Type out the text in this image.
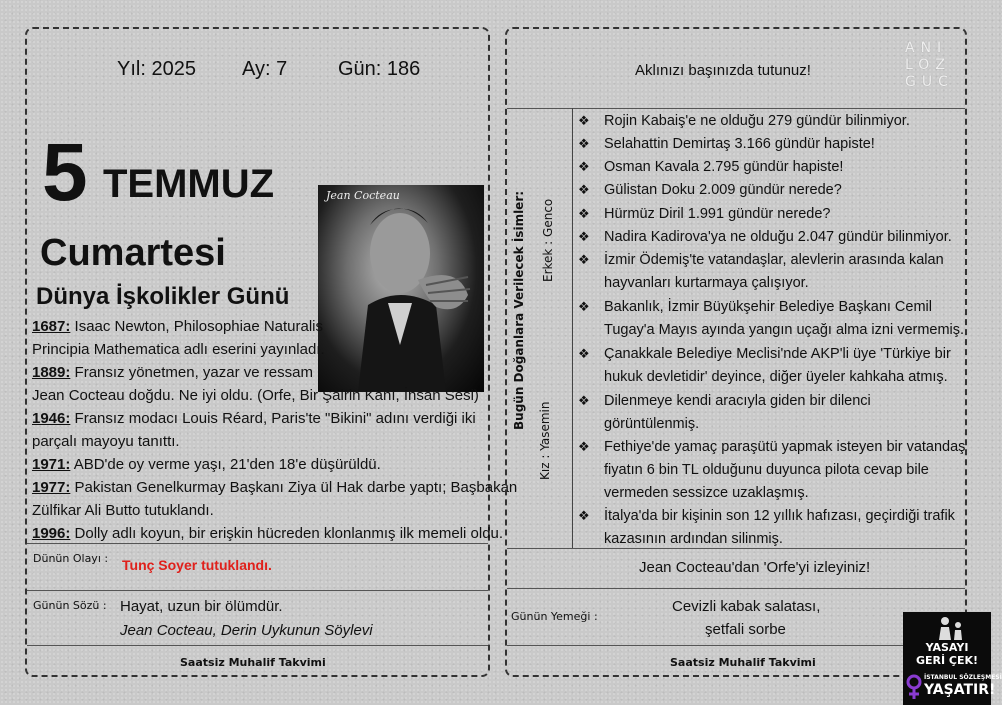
Yıl: 2025 Ay: 7	Gün: 186
5 TEMMUZ
Cumartesi
Dünya İşkolikler Günü
Jean Cocteau
1687: Isaac Newton, Philosophiae Naturalis
Principia Mathematica adlı eserini yayınladı.
1889: Fransız yönetmen, yazar ve ressam
Jean Cocteau doğdu. Ne iyi oldu. (Orfe, Bir Şairin Kanı, İnsan Sesi)
1946: Fransız modacı Louis Réard, Paris'te "Bikini" adını verdiği iki
parçalı mayoyu tanıttı.
1971: ABD'de oy verme yaşı, 21'den 18'e düşürüldü.
1977: Pakistan Genelkurmay Başkanı Ziya ül Hak darbe yaptı; Başbakan
Zülfikar Ali Butto tutuklandı.
1996: Dolly adlı koyun, bir erişkin hücreden klonlanmış ilk memeli oldu.
Dünün Olayı : Tunç Soyer tutuklandı.
Günün Sözü : Hayat, uzun bir ölümdür.
Jean Cocteau, Derin Uykunun Söylevi
Saatsiz Muhalif Takvimi
Aklınızı başınızda tutunuz!
Bugün Doğanlara Verilecek İsimler: Erkek : Genco
Kız : Yasemin
❖ Rojin Kabaiş'e ne olduğu 279 gündür bilinmiyor.
❖ Selahattin Demirtaş 3.166 gündür hapiste!
❖ Osman Kavala 2.795 gündür hapiste!
❖ Gülistan Doku 2.009 gündür nerede?
❖ Hürmüz Diril 1.991 gündür nerede?
❖ Nadira Kadirova'ya ne olduğu 2.047 gündür bilinmiyor.
❖ İzmir Ödemiş'te vatandaşlar, alevlerin arasında kalan
hayvanları kurtarmaya çalışıyor.
❖ Bakanlık, İzmir Büyükşehir Belediye Başkanı Cemil
Tugay'a Mayıs ayında yangın uçağı alma izni vermemiş.
❖ Çanakkale Belediye Meclisi'nde AKP'li üye 'Türkiye bir
hukuk devletidir' deyince, diğer üyeler kahkaha atmış.
❖ Dilenmeye kendi aracıyla giden bir dilenci
görüntülenmiş.
❖ Fethiye'de yamaç paraşütü yapmak isteyen bir vatandaş
fiyatın 6 bin TL olduğunu duyunca pilota cevap bile
vermeden sessizce uzaklaşmış.
❖ İtalya'da bir kişinin son 12 yıllık hafızası, geçirdiği trafik
kazasının ardından silinmiş.
Jean Cocteau'dan 'Orfe'yi izleyiniz!
Günün Yemeği :
Cevizli kabak salatası,
şetfali sorbe
Saatsiz Muhalif Takvimi
ANI
LOZ
GUC
YASAYI
GERİ ÇEK!
İSTANBUL SÖZLEŞMESİ
YAŞATIR!
